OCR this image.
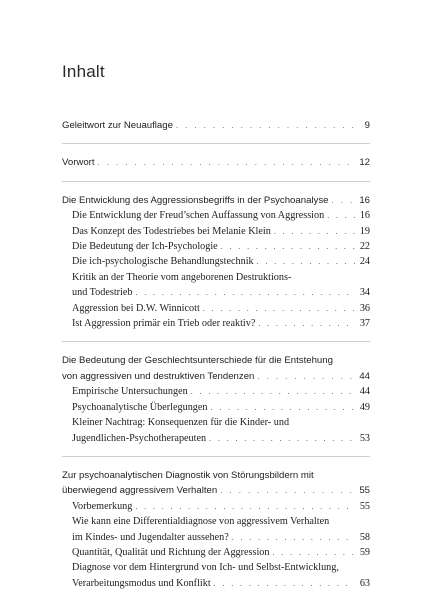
Inhalt
Geleitwort zur Neuauflage . . .	9
Vorwort . . .	12
Die Entwicklung des Aggressionsbegriffs in der Psychoanalyse . . .	16
Die Entwicklung der Freud’schen Auffassung von Aggression . . .	16
Das Konzept des Todestriebes bei Melanie Klein . . .	19
Die Bedeutung der Ich-Psychologie . . .	22
Die ich-psychologische Behandlungstechnik . . .	24
Kritik an der Theorie vom angeborenen Destruktions-
und Todestrieb . . .	34
Aggression bei D.W. Winnicott . . .	36
Ist Aggression primär ein Trieb oder reaktiv? . . .	37
Die Bedeutung der Geschlechtsunterschiede für die Entstehung
von aggressiven und destruktiven Tendenzen . . .	44
Empirische Untersuchungen . . .	44
Psychoanalytische Überlegungen . . .	49
Kleiner Nachtrag: Konsequenzen für die Kinder- und
Jugendlichen-Psychotherapeuten . . .	53
Zur psychoanalytischen Diagnostik von Störungsbildern mit
überwiegend aggressivem Verhalten . . .	55
Vorbemerkung . . .	55
Wie kann eine Differentialdiagnose von aggressivem Verhalten
im Kindes- und Jugendalter aussehen? . . .	58
Quantität, Qualität und Richtung der Aggression . . .	59
Diagnose vor dem Hintergrund von Ich- und Selbst-Entwicklung,
Verarbeitungsmodus und Konflikt . . .	63
